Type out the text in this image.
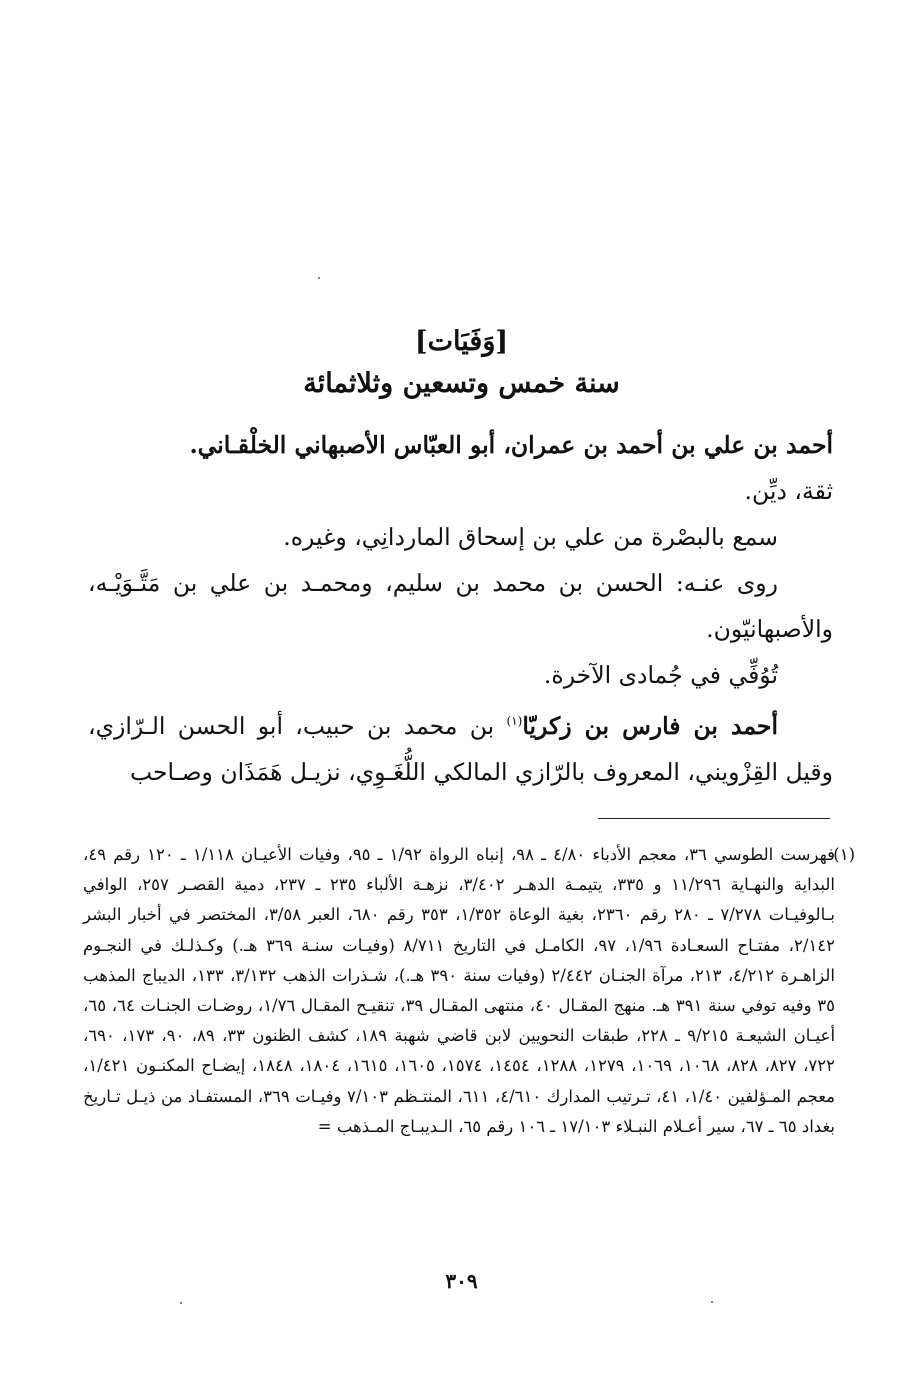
[وَفَيَات]
سنة خمس وتسعين وثلاثمائة

أحمد بن علي بن أحمد بن عمران، أبو العبّاس الأصبهاني الخلْقـاني.

ثقة، ديِّن.

سمع بالبصْرة من علي بن إسحاق الماردانِي، وغيره.

روى عنـه: الحسن بن محمد بن سليم، ومحمـد بن علي بن مَتَّـوَيْـه، والأصبهانيّون.

تُوُفِّي في جُمادى الآخرة.

أحمد بن فارس بن زكريّا$^{(١)}$ بن محمد بن حبيب، أبو الحسن الـرّازي، وقيل القِزْويني، المعروف بالرّازي المالكي اللُّغَـوِي، نزيـل هَمَذَان وصـاحب

(١)
فهرست الطوسي ٣٦، معجم الأدباء ٤/٨٠ ـ ٩٨، إنباه الرواة ١/٩٢ ـ ٩٥، وفيات الأعيـان ١/١١٨ ـ ١٢٠ رقم ٤٩، البداية والنهـاية ١١/٢٩٦ و ٣٣٥، يتيمـة الدهـر ٣/٤٠٢، نزهـة الألباء ٢٣٥ ـ ٢٣٧، دمية القصـر ٢٥٧، الوافي بـالوفيـات ٧/٢٧٨ ـ ٢٨٠ رقم ٢٣٦٠، بغية الوعاة ١/٣٥٢، ٣٥٣ رقم ٦٨٠، العبر ٣/٥٨، المختصر في أخبار البشر ٢/١٤٢، مفتـاح السعـادة ١/٩٦، ٩٧، الكامـل في التاريخ ٨/٧١١ (وفيـات سنـة ٣٦٩ هـ.) وكـذلـك في النجـوم الزاهـرة ٤/٢١٢، ٢١٣، مرآة الجنـان ٢/٤٤٢ (وفيات سنة ٣٩٠ هـ.)، شـذرات الذهب ٣/١٣٢، ١٣٣، الديباج المذهب ٣٥ وفيه توفي سنة ٣٩١ هـ. منهج المقـال ٤٠، منتهى المقـال ٣٩، تنقيـح المقـال ١/٧٦، روضـات الجنـات ٦٤، ٦٥، أعيـان الشيعـة ٩/٢١٥ ـ ٢٢٨، طبقات النحويين لابن قاضي شهبة ١٨٩، كشف الظنون ٣٣، ٨٩، ٩٠، ١٧٣، ٦٩٠، ٧٢٢، ٨٢٧، ٨٢٨، ١٠٦٨، ١٠٦٩، ١٢٧٩، ١٢٨٨، ١٤٥٤، ١٥٧٤، ١٦٠٥، ١٦١٥، ١٨٠٤، ١٨٤٨، إيضـاح المكنـون ١/٤٢١، معجم المـؤلفين ١/٤٠، ٤١، تـرتيب المدارك ٤/٦١٠، ٦١١، المنتـظم ٧/١٠٣ وفيـات ٣٦٩، المستفـاد من ذيـل تـاريخ بغداد ٦٥ ـ ٦٧، سير أعـلام النبـلاء ١٧/١٠٣ ـ ١٠٦ رقم ٦٥، الـديبـاج المـذهب =
٣٠٩
